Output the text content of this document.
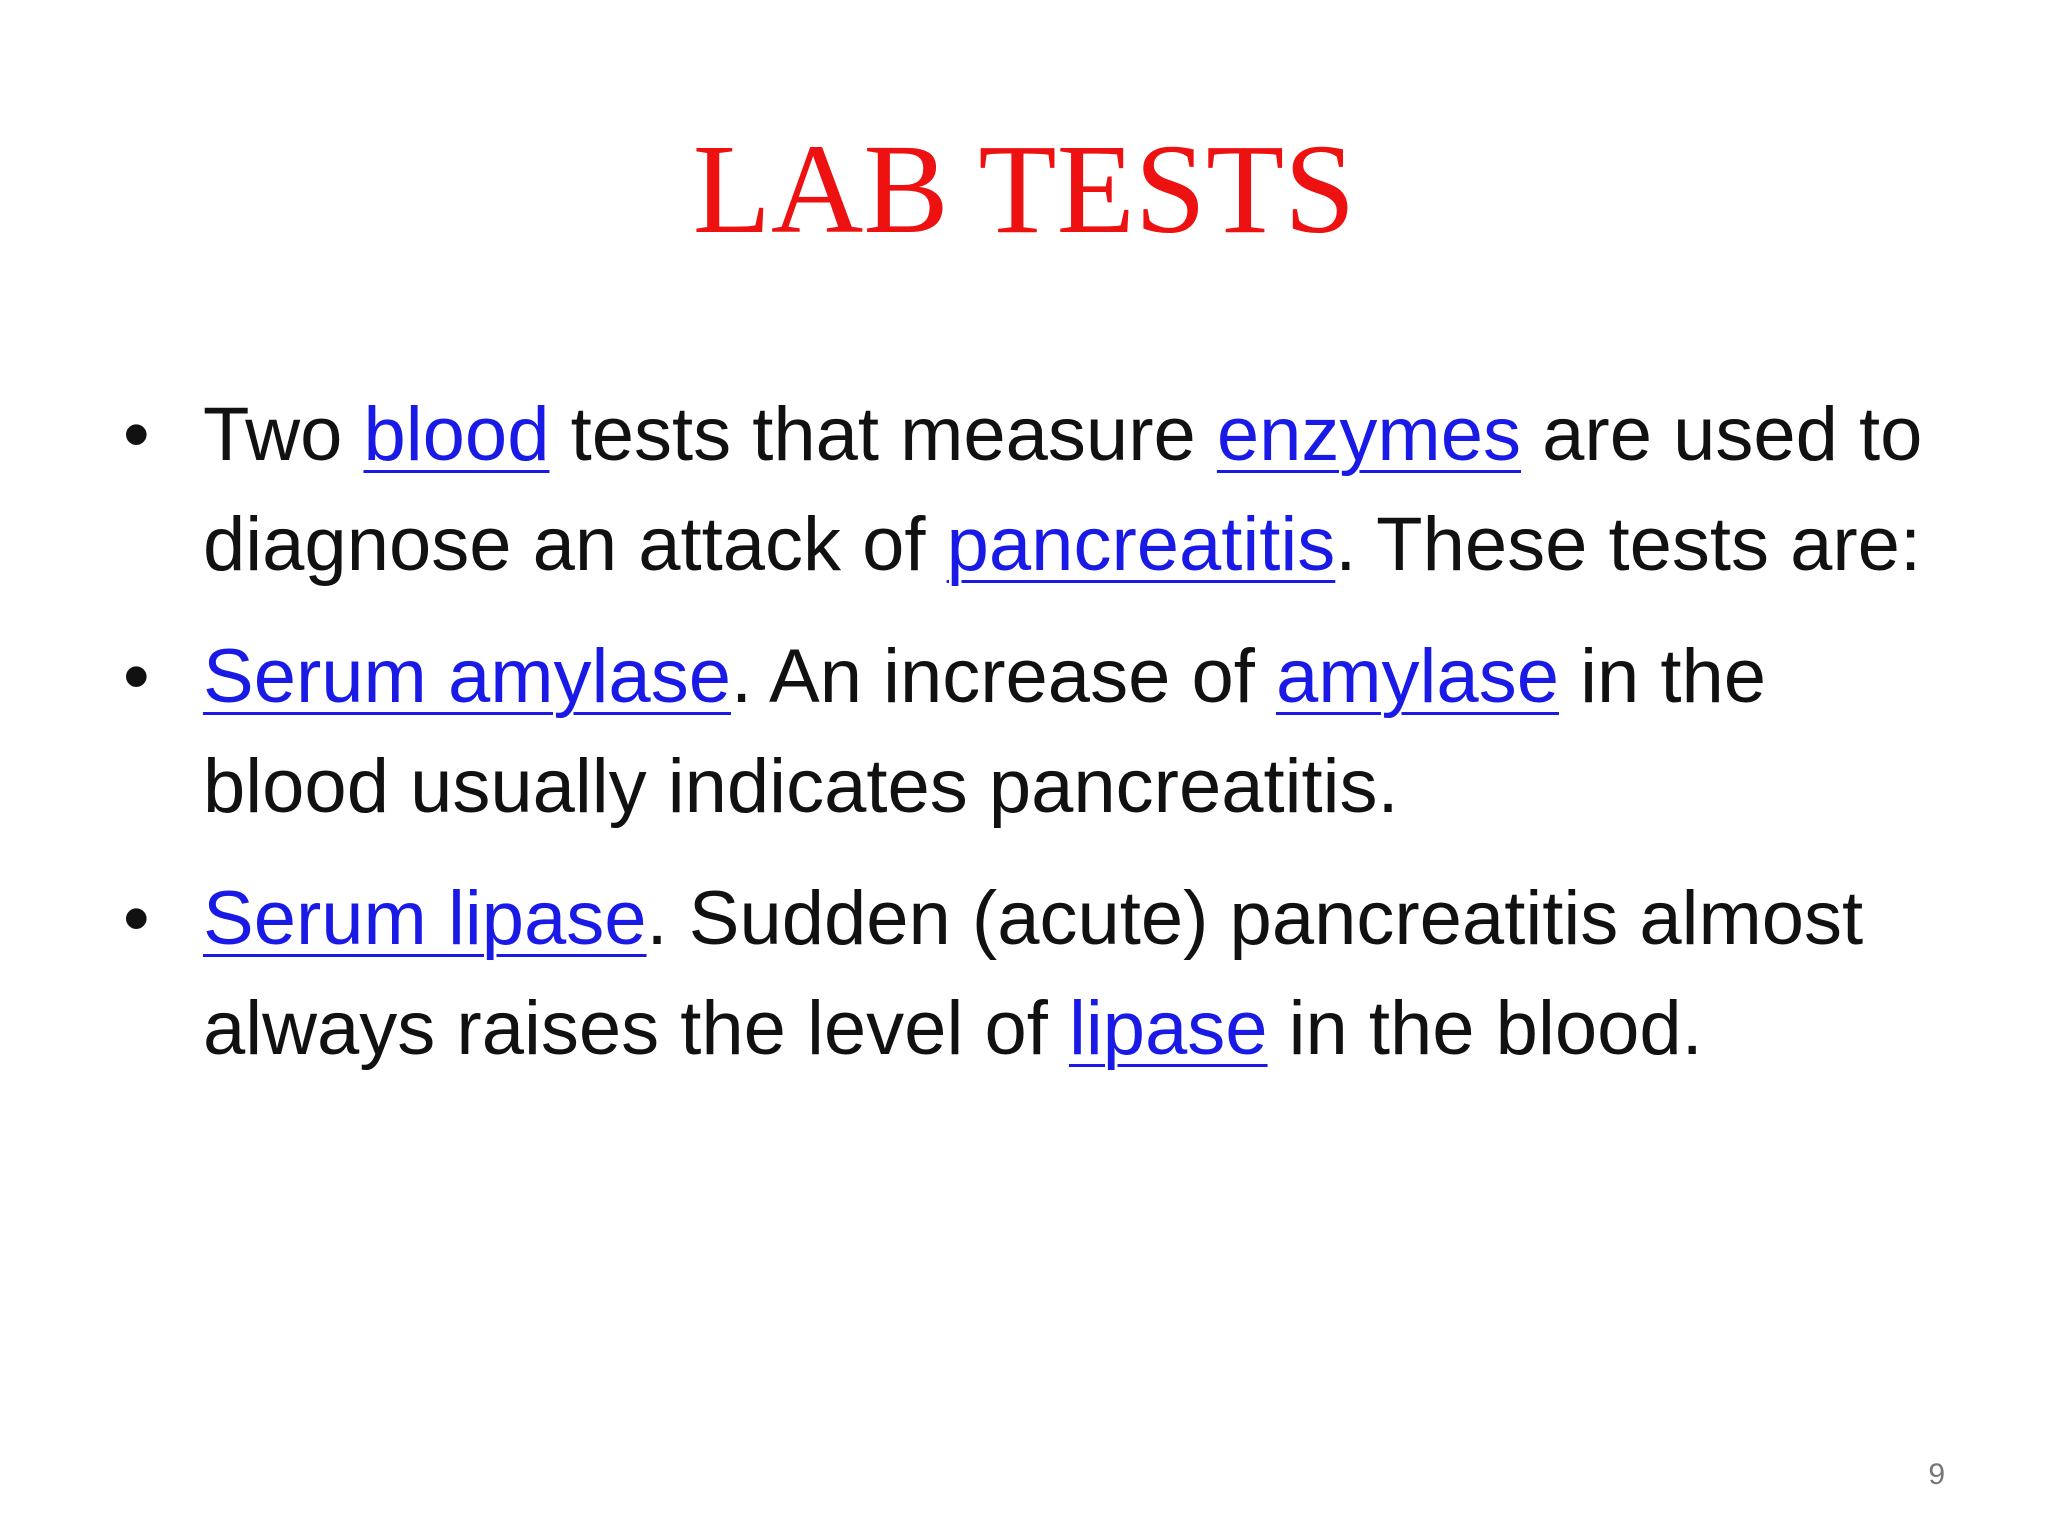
LAB TESTS
• Two blood tests that measure enzymes are used to diagnose an attack of pancreatitis. These tests are:
• Serum amylase. An increase of amylase in the blood usually indicates pancreatitis.
• Serum lipase. Sudden (acute) pancreatitis almost always raises the level of lipase in the blood.
9
